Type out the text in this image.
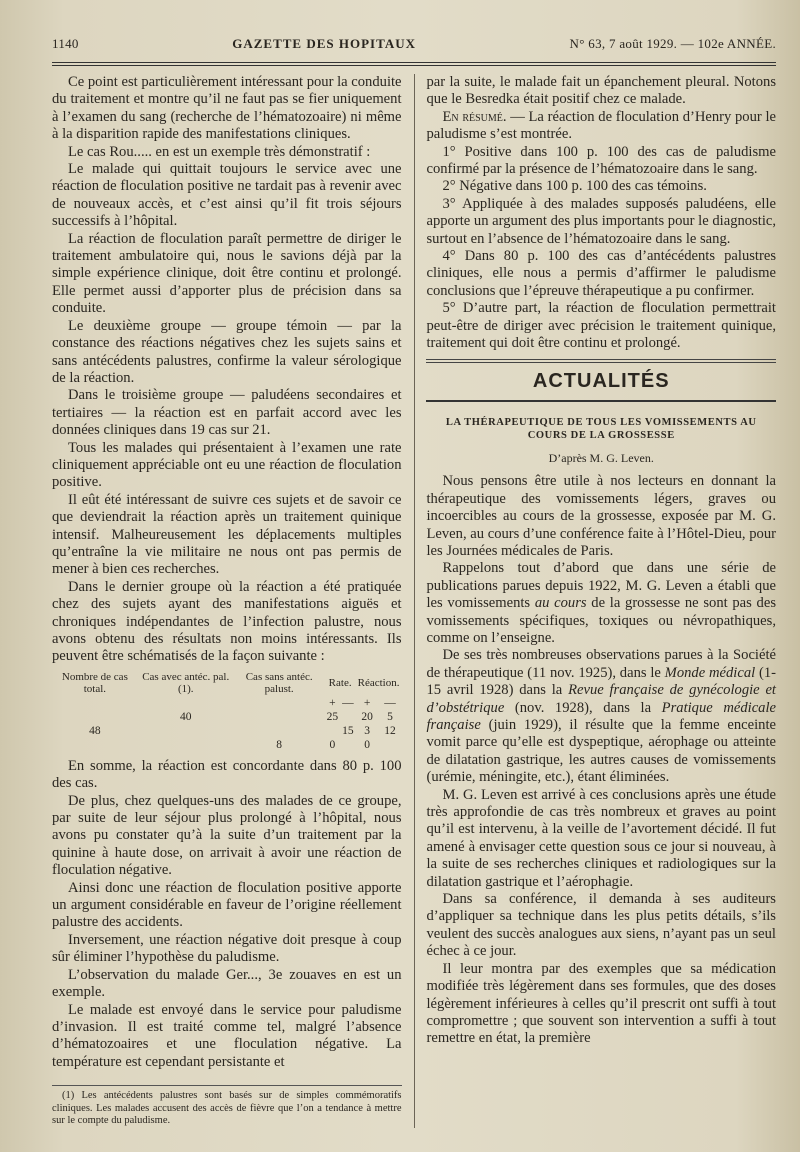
1140	GAZETTE DES HOPITAUX	N° 63, 7 août 1929. — 102e ANNÉE.

Ce point est particulièrement intéressant pour la conduite du traitement et montre qu’il ne faut pas se fier uniquement à l’examen du sang (recherche de l’hématozoaire) ni même à la disparition rapide des manifestations cliniques.

Le cas Rou..... en est un exemple très démonstratif :

Le malade qui quittait toujours le service avec une réaction de floculation positive ne tardait pas à revenir avec de nouveaux accès, et c’est ainsi qu’il fit trois séjours successifs à l’hôpital.

La réaction de floculation paraît permettre de diriger le traitement ambulatoire qui, nous le savions déjà par la simple expérience clinique, doit être continu et prolongé. Elle permet aussi d’apporter plus de précision dans sa conduite.

Le deuxième groupe — groupe témoin — par la constance des réactions négatives chez les sujets sains et sans antécédents palustres, confirme la valeur sérologique de la réaction.

Dans le troisième groupe — paludéens secondaires et tertiaires — la réaction est en parfait accord avec les données cliniques dans 19 cas sur 21.

Tous les malades qui présentaient à l’examen une rate cliniquement appréciable ont eu une réaction de floculation positive.

Il eût été intéressant de suivre ces sujets et de savoir ce que deviendrait la réaction après un traitement quinique intensif. Malheureusement les déplacements multiples qu’entraîne la vie militaire ne nous ont pas permis de mener à bien ces recherches.

Dans le dernier groupe où la réaction a été pratiquée chez des sujets ayant des manifestations aiguës et chroniques indépendantes de l’infection palustre, nous avons obtenu des résultats non moins intéressants. Ils peuvent être schématisés de la façon suivante :

Nombre de cas total.	Cas avec antéc. pal. (1).	Cas sans antéc. palust.	Rate.		Réaction.	
			+	—	+	—
	40		25		20	5
48				15	3	12
		8	0		0	

En somme, la réaction est concordante dans 80 p. 100 des cas.

De plus, chez quelques-uns des malades de ce groupe, par suite de leur séjour plus prolongé à l’hôpital, nous avons pu constater qu’à la suite d’un traitement par la quinine à haute dose, on arrivait à avoir une réaction de floculation négative.

Ainsi donc une réaction de floculation positive apporte un argument considérable en faveur de l’origine réellement palustre des accidents.

Inversement, une réaction négative doit presque à coup sûr éliminer l’hypothèse du paludisme.

L’observation du malade Ger..., 3e zouaves en est un exemple.

Le malade est envoyé dans le service pour paludisme d’invasion. Il est traité comme tel, malgré l’absence d’hématozoaires et une floculation négative. La température est cependant persistante et

(1) Les antécédents palustres sont basés sur de simples commémoratifs cliniques. Les malades accusent des accès de fièvre que l’on a tendance à mettre sur le compte du paludisme.

par la suite, le malade fait un épanchement pleural. Notons que le Besredka était positif chez ce malade.

En résumé. — La réaction de floculation d’Henry pour le paludisme s’est montrée.

1° Positive dans 100 p. 100 des cas de paludisme confirmé par la présence de l’hématozoaire dans le sang.

2° Négative dans 100 p. 100 des cas témoins.

3° Appliquée à des malades supposés paludéens, elle apporte un argument des plus importants pour le diagnostic, surtout en l’absence de l’hématozoaire dans le sang.

4° Dans 80 p. 100 des cas d’antécédents palustres cliniques, elle nous a permis d’affirmer le paludisme conclusions que l’épreuve thérapeutique a pu confirmer.

5° D’autre part, la réaction de floculation permettrait peut-être de diriger avec précision le traitement quinique, traitement qui doit être continu et prolongé.

ACTUALITÉS
LA THÉRAPEUTIQUE DE TOUS LES VOMISSEMENTS AU COURS DE LA GROSSESSE
D’après M. G. Leven.

Nous pensons être utile à nos lecteurs en donnant la thérapeutique des vomissements légers, graves ou incoercibles au cours de la grossesse, exposée par M. G. Leven, au cours d’une conférence faite à l’Hôtel-Dieu, pour les Journées médicales de Paris.

Rappelons tout d’abord que dans une série de publications parues depuis 1922, M. G. Leven a établi que les vomissements au cours de la grossesse ne sont pas des vomissements spécifiques, toxiques ou névropathiques, comme on l’enseigne.

De ses très nombreuses observations parues à la Société de thérapeutique (11 nov. 1925), dans le Monde médical (1-15 avril 1928) dans la Revue française de gynécologie et d’obstétrique (nov. 1928), dans la Pratique médicale française (juin 1929), il résulte que la femme enceinte vomit parce qu’elle est dyspeptique, aérophage ou atteinte de dilatation gastrique, les autres causes de vomissements (urémie, méningite, etc.), étant éliminées.

M. G. Leven est arrivé à ces conclusions après une étude très approfondie de cas très nombreux et graves au point qu’il est intervenu, à la veille de l’avortement décidé. Il fut amené à envisager cette question sous ce jour si nouveau, à la suite de ses recherches cliniques et radiologiques sur la dilatation gastrique et l’aérophagie.

Dans sa conférence, il demanda à ses auditeurs d’appliquer sa technique dans les plus petits détails, s’ils veulent des succès analogues aux siens, n’ayant pas un seul échec à ce jour.

Il leur montra par des exemples que sa médication modifiée très légèrement dans ses formules, que des doses légèrement inférieures à celles qu’il prescrit ont suffi à tout compromettre ; que souvent son intervention a suffi à tout remettre en état, la première
